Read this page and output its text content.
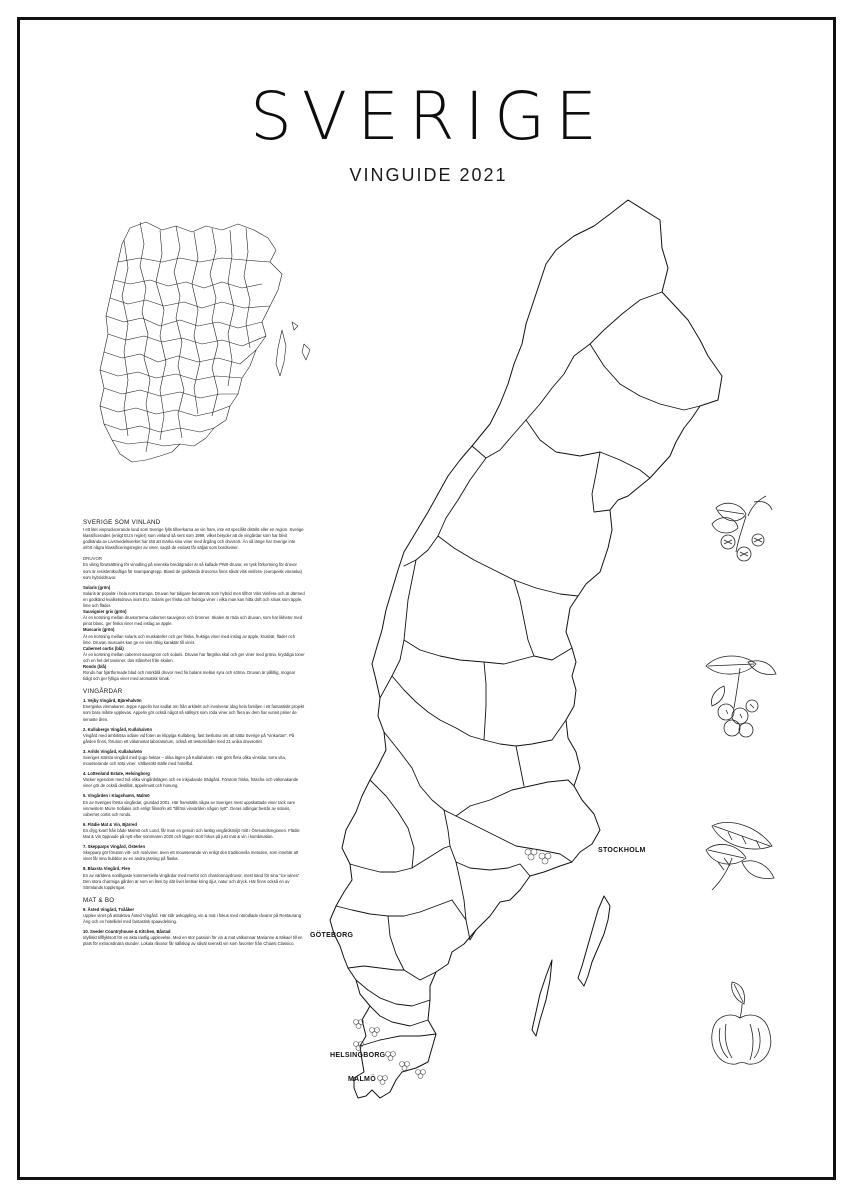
SVERIGE
VINGUIDE 2021
STOCKHOLM
GÖTEBORG
HELSINGBORG
MALMÖ
SVERIGE SOM VINLAND

I ett litet vinproducerande land som Sverige fylls tillverkarna av vin fram, inte ett specifikt distrikt eller en region. Sverige klassificerades (enligt EU:s regler) som vinland så sent som 1999, vilket betyder att de vingårdar som har blivit godkända av Livsmedelsverket har rätt att märka sina viner med årgång och druvsort. Än så länge har Sverige inte infört några klassificeringsregler av viner, vaqrå de endast får säljas som bordsviner.

DRUVOR

En viktig förutsättning för vinodling på svenska breddgrader är så kallade PIWI-druvor, en tysk förkortning för druvor som är resistentkraftiga för svampangrepp. Bland de godkända druvorna finns såväl vitis vinifera- (europeisk vinranka) som hybriddruvor.

Solaris (grön)

Solaris är populär i hela norra Europa. Druvan har tidigare benämnts som hybrid men tillhör Vitis Vinifera och är därmed en godkänd kvalitetsdruva inom EU. Solaris ger friska och fruktiga viner i vilka man kan hitta doft och smak som äpple, lime och fläder.

Sauvignier gris (grön)

Är en korsning mellan druvsorterna cabernet sauvignon och bronner. Skalen är röda och druvan, som har likheter med pinot blanc, ger friska viner med inslag av äpple.

Muscaris (grön)

Är en korsning mellan solaris och muskateller och ger friska, fruktiga viner med inslag av äpple, krusbär, fläder och lime. Druvan muscaris kan ge en viss rökig karaktär till vinet.

Cabernet cortis (blå)

Är en korsning mellan cabernet sauvignon och solaris. Druvan har färgrika skal och ger viner med gröna, kryddiga toner och en hel del tanniner, dos ståsvhet från skalen.

Rondo (blå)

Rondo har hjärtformade blad och mörkblå druvor med fin balans mellan syra och sötma. Druvan är pålitlig, mognar tidigt och ger fylliga viner med aromatisk smak.

VINGÅRDAR
1. Vejby Vingård, Bjärehalvön

Energiska vinmakaren Jeppe Appelin har sadlat om från arkitekt och involverar idag hela familjen i ett fantastiskt projekt som bara måste upplevas. Appelin gör också något så sällsynt som röda viner och flera av dem har vunnit priser de senaste åren.

2. Kullabergs Vingård, Kullahalvön

Vingård med ambitiösa odlare vid foten av klippiga Kullaberg, fast beslutna om att sätta Sverige på "vinkartan". På gården finns, förutom ett välutrustat laboratorium, också ett testområdet med 21 unika druvsorter.

3. Arilds Vingård, Kullahalvön

Sveriges största vingård med tjugo hektar – olika lägen på Kullahalvön. Här görs flera olika vinstilar, torra vita, mousserande och söta viner. Välbesökt ställe med hotellbd.

4. Lottenlund Estate, Helsingborg

Vacker egendom med två olika vingårdslägen och en inkjudande trädgård. Förutom friska, fräscha och välsmakande viner gör de också destillat, äppelmust och honung.

5. Vingården i Klagshamn, Malmö

En av Sveriges första vingårdar, grundad 2001. Här framställs några av Sveriges mest uppskattade viner tack vare vinmestern Murre Sofiakis och enligt filosofin att "tillföra vinvärlden någon nytt". Deras odlingar består av solaris, cabernet cortis och rondo.

6. Flädie Mat & Vin, Bjärred

En dryg kvart från både Malmö och Lund, får man en genuin och lantlig vingårdsmiljö mitt i Öresundsregionen. Flädie Mat & Vin öppnade på nytt efter sommaren 2020 och lägger stort fokus på just mat & vin i kombination.

7. Skepparps Vingård, Österlen

Skepparp gör förutom vitt- och roséviner, även ett mousserande vin enligt den traditionella metoden, som innebär att vinet får sina bubblor av en andra jäsning på flaska.

8. Blaxsta Vingård, Flen

En av världens nordligaste kommersiella vingårdar med merlot och chardonnaydruvor, mest känd för sina "ice wines". Den stora charmiga gården är som en liten by där livet kretsar kring djur, natur och dryck. Här finns också en av Sörmlands toppkrögar.

MAT & BO
9. Åsted Vingård, Tvååker

Upplev vinet på attraktiva Åsted Vingård. Här står avkoppling, vin & mat i fokus med närodlade råvaror på Restaurang Äng och en hotellidel med fantastisk spaavdelning.

10. Sseder Countryhouse & Kitchen, Båstad

Idylliskt tillflyktsort för en äkta lantlig upplevelse. Med en stor passion för vin & mat välkomnar Marianne & Mikael till en plats för extraordinära stunder. Lokala råvaror får sällskap av såväl svenskt vin som favoriter från Chianti Classico.
